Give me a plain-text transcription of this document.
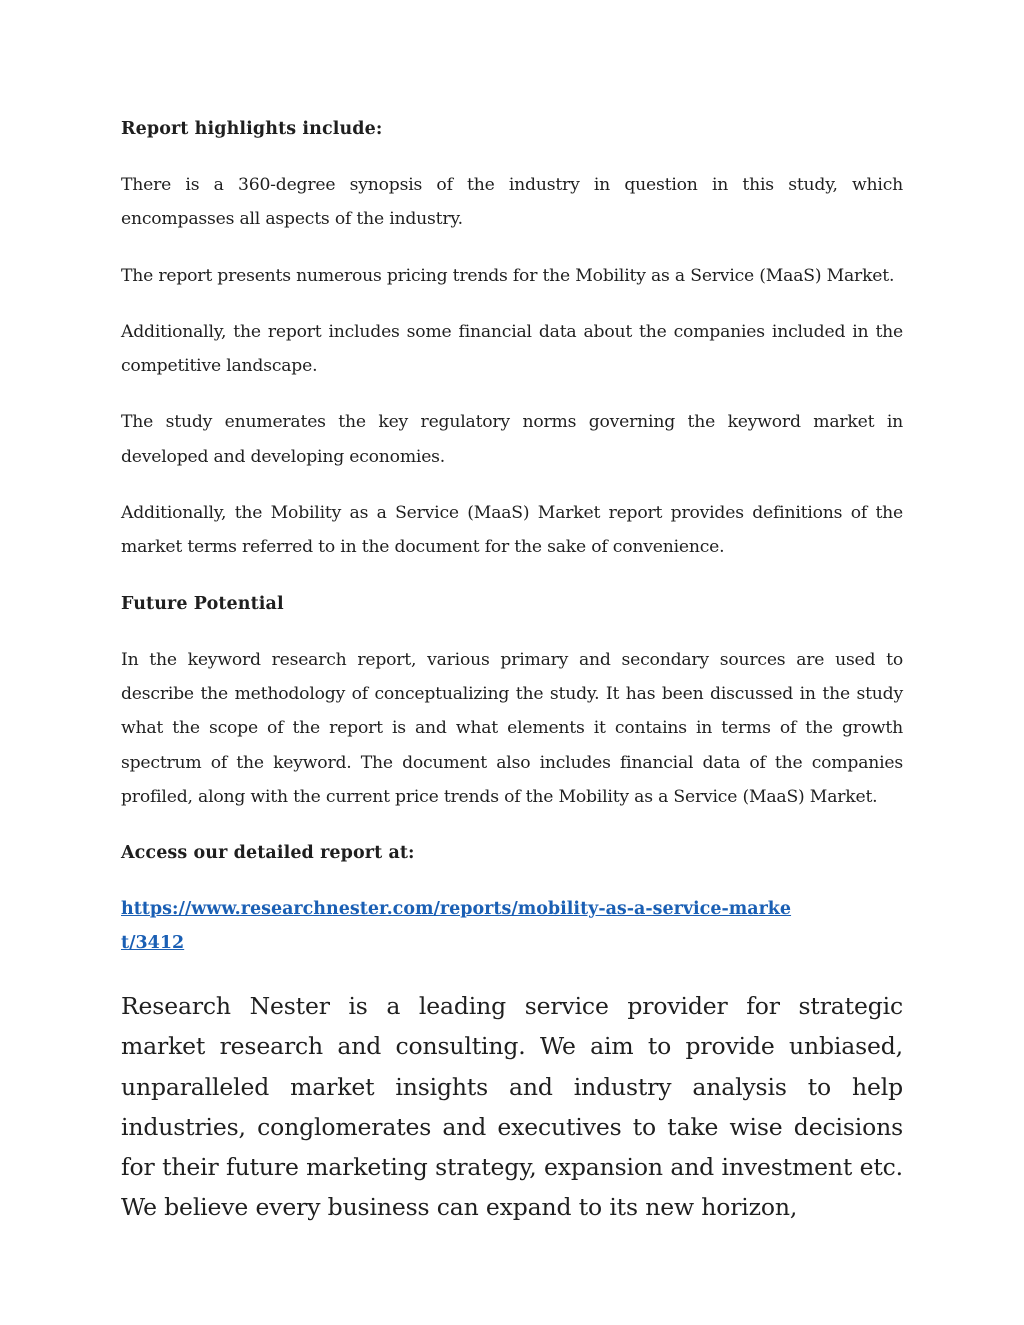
Report highlights include:

There is a 360-degree synopsis of the industry in question in this study, which encompasses all aspects of the industry.

The report presents numerous pricing trends for the Mobility as a Service (MaaS) Market.

Additionally, the report includes some financial data about the companies included in the competitive landscape.

The study enumerates the key regulatory norms governing the keyword market in developed and developing economies.

Additionally, the Mobility as a Service (MaaS) Market report provides definitions of the market terms referred to in the document for the sake of convenience.

Future Potential

In the keyword research report, various primary and secondary sources are used to describe the methodology of conceptualizing the study. It has been discussed in the study what the scope of the report is and what elements it contains in terms of the growth spectrum of the keyword. The document also includes financial data of the companies profiled, along with the current price trends of the Mobility as a Service (MaaS) Market.

Access our detailed report at:
https://www.researchnester.com/reports/mobility-as-a-service-market/3412

Research Nester is a leading service provider for strategic market research and consulting. We aim to provide unbiased, unparalleled market insights and industry analysis to help industries, conglomerates and executives to take wise decisions for their future marketing strategy, expansion and investment etc. We believe every business can expand to its new horizon,
